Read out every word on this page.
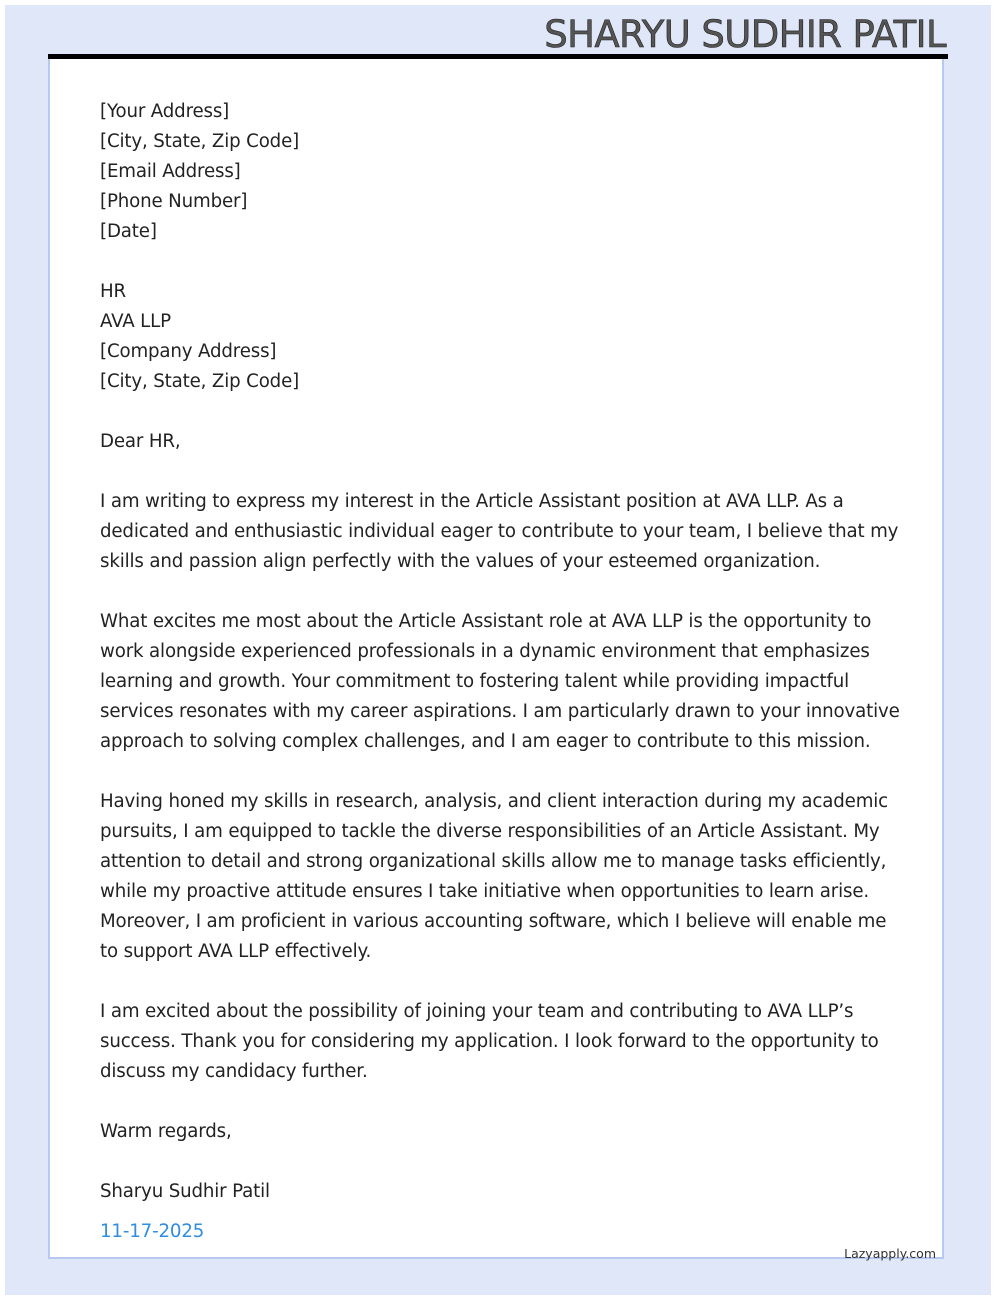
SHARYU SUDHIR PATIL
[Your Address]
[City, State, Zip Code]
[Email Address]
[Phone Number]
[Date]
HR
AVA LLP
[Company Address]
[City, State, Zip Code]
Dear HR,
I am writing to express my interest in the Article Assistant position at AVA LLP. As a
dedicated and enthusiastic individual eager to contribute to your team, I believe that my
skills and passion align perfectly with the values of your esteemed organization.
What excites me most about the Article Assistant role at AVA LLP is the opportunity to
work alongside experienced professionals in a dynamic environment that emphasizes
learning and growth. Your commitment to fostering talent while providing impactful
services resonates with my career aspirations. I am particularly drawn to your innovative
approach to solving complex challenges, and I am eager to contribute to this mission.
Having honed my skills in research, analysis, and client interaction during my academic
pursuits, I am equipped to tackle the diverse responsibilities of an Article Assistant. My
attention to detail and strong organizational skills allow me to manage tasks efficiently,
while my proactive attitude ensures I take initiative when opportunities to learn arise.
Moreover, I am proficient in various accounting software, which I believe will enable me
to support AVA LLP effectively.
I am excited about the possibility of joining your team and contributing to AVA LLP’s
success. Thank you for considering my application. I look forward to the opportunity to
discuss my candidacy further.
Warm regards,
Sharyu Sudhir Patil
11-17-2025
Lazyapply.com
